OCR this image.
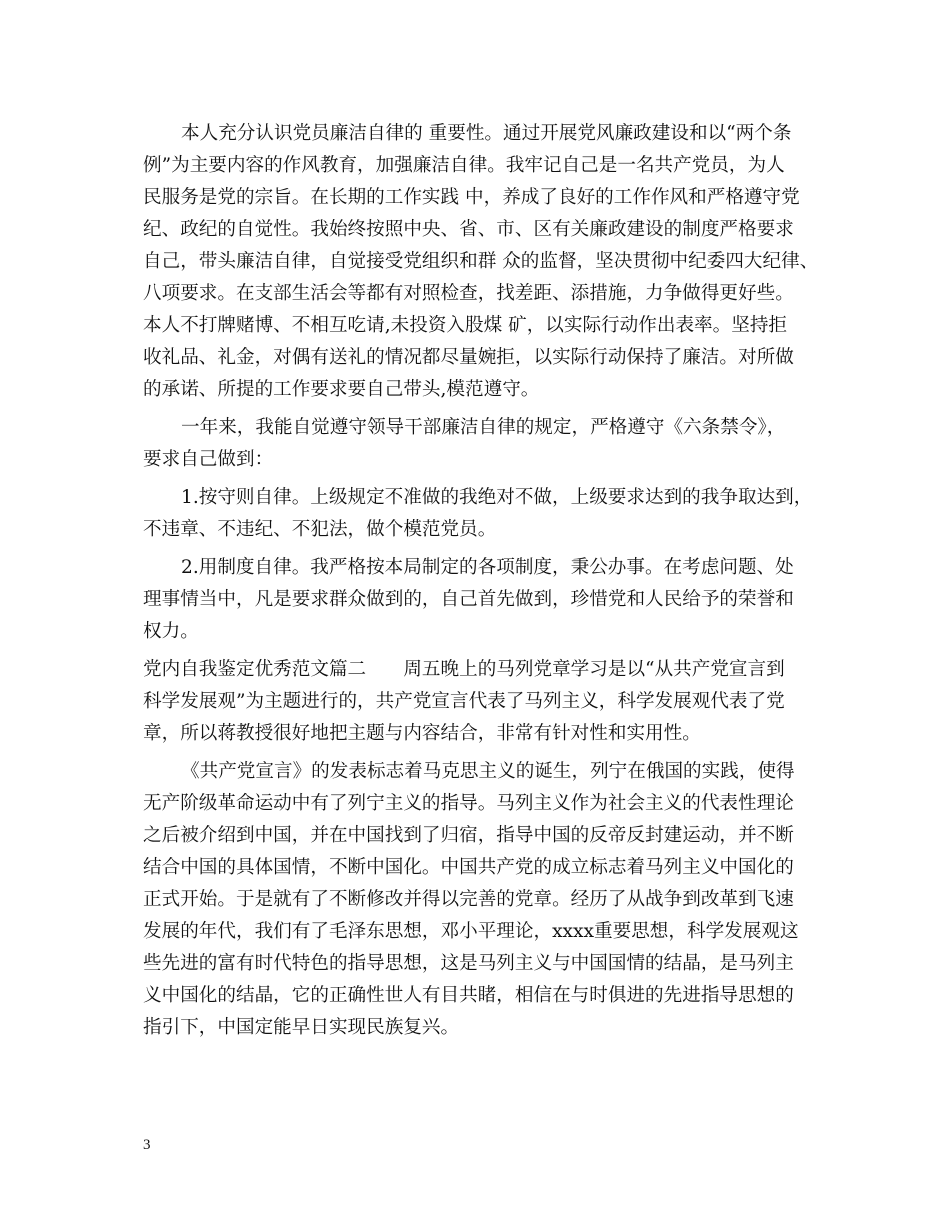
本人充分认识党员廉洁自律的 重要性。通过开展党风廉政建设和以“两个条
例”为主要内容的作风教育，加强廉洁自律。我牢记自己是一名共产党员，为人
民服务是党的宗旨。在长期的工作实践 中，养成了良好的工作作风和严格遵守党
纪、政纪的自觉性。我始终按照中央、省、市、区有关廉政建设的制度严格要求
自己，带头廉洁自律，自觉接受党组织和群 众的监督，坚决贯彻中纪委四大纪律、
八项要求。在支部生活会等都有对照检查，找差距、添措施，力争做得更好些。
本人不打牌赌博、不相互吃请,未投资入股煤 矿，以实际行动作出表率。坚持拒
收礼品、礼金，对偶有送礼的情况都尽量婉拒，以实际行动保持了廉洁。对所做
的承诺、所提的工作要求要自己带头,模范遵守。
一年来，我能自觉遵守领导干部廉洁自律的规定，严格遵守《六条禁令》，
要求自己做到：
1.按守则自律。上级规定不准做的我绝对不做，上级要求达到的我争取达到，
不违章、不违纪、不犯法，做个模范党员。
2.用制度自律。我严格按本局制定的各项制度，秉公办事。在考虑问题、处
理事情当中，凡是要求群众做到的，自己首先做到，珍惜党和人民给予的荣誉和
权力。
党内自我鉴定优秀范文篇二　　周五晚上的马列党章学习是以“从共产党宣言到
科学发展观”为主题进行的，共产党宣言代表了马列主义，科学发展观代表了党
章，所以蒋教授很好地把主题与内容结合，非常有针对性和实用性。
《共产党宣言》的发表标志着马克思主义的诞生，列宁在俄国的实践，使得
无产阶级革命运动中有了列宁主义的指导。马列主义作为社会主义的代表性理论
之后被介绍到中国，并在中国找到了归宿，指导中国的反帝反封建运动，并不断
结合中国的具体国情，不断中国化。中国共产党的成立标志着马列主义中国化的
正式开始。于是就有了不断修改并得以完善的党章。经历了从战争到改革到飞速
发展的年代，我们有了毛泽东思想，邓小平理论，xxxx重要思想，科学发展观这
些先进的富有时代特色的指导思想，这是马列主义与中国国情的结晶，是马列主
义中国化的结晶，它的正确性世人有目共睹，相信在与时俱进的先进指导思想的
指引下，中国定能早日实现民族复兴。
3
